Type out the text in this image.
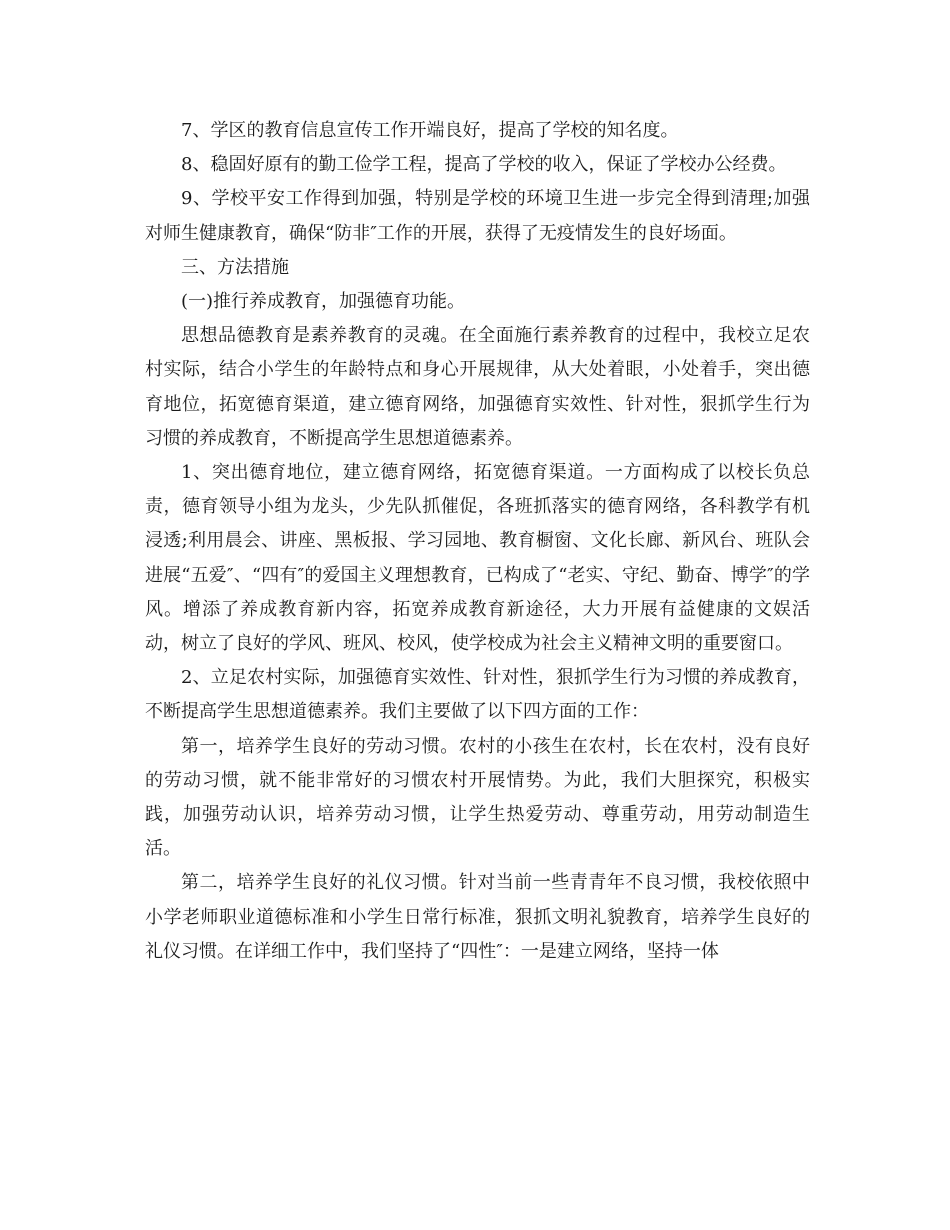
7、学区的教育信息宣传工作开端良好，提高了学校的知名度。

8、稳固好原有的勤工俭学工程，提高了学校的收入，保证了学校办公经费。

9、学校平安工作得到加强，特别是学校的环境卫生进一步完全得到清理;加强对师生健康教育，确保“防非″工作的开展，获得了无疫情发生的良好场面。

三、方法措施

(一)推行养成教育，加强德育功能。

思想品德教育是素养教育的灵魂。在全面施行素养教育的过程中，我校立足农村实际，结合小学生的年龄特点和身心开展规律，从大处着眼，小处着手，突出德育地位，拓宽德育渠道，建立德育网络，加强德育实效性、针对性，狠抓学生行为习惯的养成教育，不断提高学生思想道德素养。

1、突出德育地位，建立德育网络，拓宽德育渠道。一方面构成了以校长负总责，德育领导小组为龙头，少先队抓催促，各班抓落实的德育网络，各科教学有机浸透;利用晨会、讲座、黑板报、学习园地、教育橱窗、文化长廊、新风台、班队会进展“五爱″、“四有″的爱国主义理想教育，已构成了“老实、守纪、勤奋、博学″的学风。增添了养成教育新内容，拓宽养成教育新途径，大力开展有益健康的文娱活动，树立了良好的学风、班风、校风，使学校成为社会主义精神文明的重要窗口。

2、立足农村实际，加强德育实效性、针对性，狠抓学生行为习惯的养成教育，不断提高学生思想道德素养。我们主要做了以下四方面的工作：

第一，培养学生良好的劳动习惯。农村的小孩生在农村，长在农村，没有良好的劳动习惯，就不能非常好的习惯农村开展情势。为此，我们大胆探究，积极实践，加强劳动认识，培养劳动习惯，让学生热爱劳动、尊重劳动，用劳动制造生活。

第二，培养学生良好的礼仪习惯。针对当前一些青青年不良习惯，我校依照中小学老师职业道德标准和小学生日常行标准，狠抓文明礼貌教育，培养学生良好的礼仪习惯。在详细工作中，我们坚持了“四性″：一是建立网络，坚持一体
